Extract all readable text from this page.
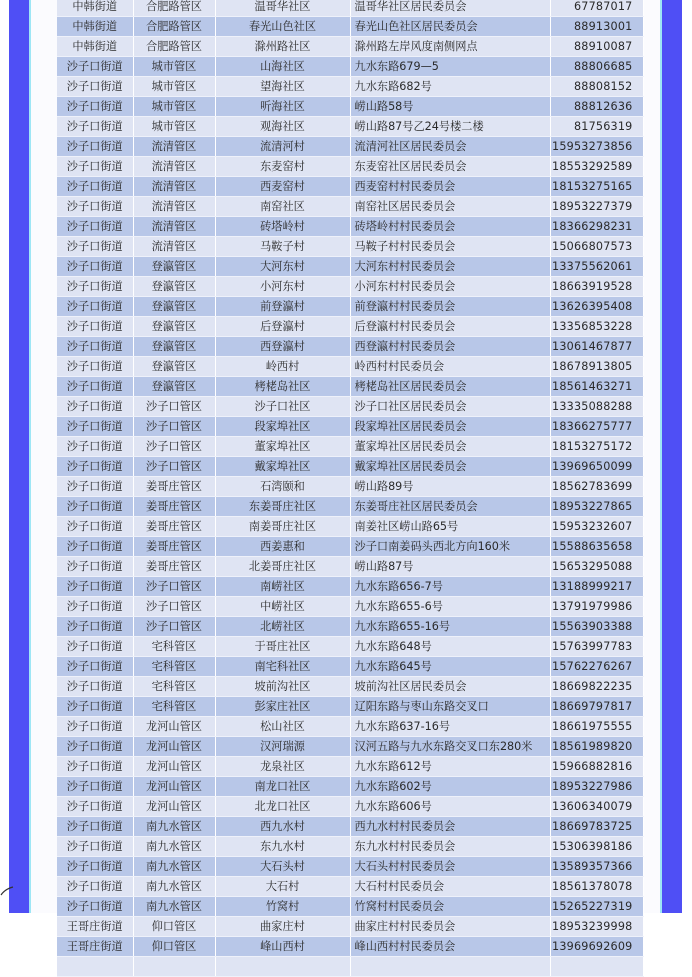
中韩街道	合肥路管区	温哥华社区	温哥华社区居民委员会	67787017
中韩街道	合肥路管区	春光山色社区	春光山色社区居民委员会	88913001
中韩街道	合肥路管区	滁州路社区	滁州路左岸风度南侧网点	88910087
沙子口街道	城市管区	山海社区	九水东路679—5	88806685
沙子口街道	城市管区	望海社区	九水东路682号	88808152
沙子口街道	城市管区	听海社区	崂山路58号	88812636
沙子口街道	城市管区	观海社区	崂山路87号乙24号楼二楼	81756319
沙子口街道	流清管区	流清河村	流清河社区居民委员会	15953273856
沙子口街道	流清管区	东麦窑村	东麦窑社区居民委员会	18553292589
沙子口街道	流清管区	西麦窑村	西麦窑村村民委员会	18153275165
沙子口街道	流清管区	南窑社区	南窑社区居民委员会	18953227379
沙子口街道	流清管区	砖塔岭村	砖塔岭村村民委员会	18366298231
沙子口街道	流清管区	马鞍子村	马鞍子村村民委员会	15066807573
沙子口街道	登瀛管区	大河东村	大河东村村民委员会	13375562061
沙子口街道	登瀛管区	小河东村	小河东村村民委员会	18663919528
沙子口街道	登瀛管区	前登瀛村	前登瀛村村民委员会	13626395408
沙子口街道	登瀛管区	后登瀛村	后登瀛村村民委员会	13356853228
沙子口街道	登瀛管区	西登瀛村	西登瀛村村民委员会	13061467877
沙子口街道	登瀛管区	岭西村	岭西村村民委员会	18678913805
沙子口街道	登瀛管区	栲栳岛社区	栲栳岛社区居民委员会	18561463271
沙子口街道	沙子口管区	沙子口社区	沙子口社区居民委员会	13335088288
沙子口街道	沙子口管区	段家埠社区	段家埠社区居民委员会	18366275777
沙子口街道	沙子口管区	董家埠社区	董家埠社区居民委员会	18153275172
沙子口街道	沙子口管区	戴家埠社区	戴家埠社区居民委员会	13969650099
沙子口街道	姜哥庄管区	石湾颐和	崂山路89号	18562783699
沙子口街道	姜哥庄管区	东姜哥庄社区	东姜哥庄社区居民委员会	18953227865
沙子口街道	姜哥庄管区	南姜哥庄社区	南姜社区崂山路65号	15953232607
沙子口街道	姜哥庄管区	西姜惠和	沙子口南姜码头西北方向160米	15588635658
沙子口街道	姜哥庄管区	北姜哥庄社区	崂山路87号	15653295088
沙子口街道	沙子口管区	南崂社区	九水东路656-7号	13188999217
沙子口街道	沙子口管区	中崂社区	九水东路655-6号	13791979986
沙子口街道	沙子口管区	北崂社区	九水东路655-16号	15563903388
沙子口街道	宅科管区	于哥庄社区	九水东路648号	15763997783
沙子口街道	宅科管区	南宅科社区	九水东路645号	15762276267
沙子口街道	宅科管区	坡前沟社区	坡前沟社区居民委员会	18669822235
沙子口街道	宅科管区	彭家庄社区	辽阳东路与枣山东路交叉口	18669797817
沙子口街道	龙河山管区	松山社区	九水东路637-16号	18661975555
沙子口街道	龙河山管区	汉河瑞源	汉河五路与九水东路交叉口东280米	18561989820
沙子口街道	龙河山管区	龙泉社区	九水东路612号	15966882816
沙子口街道	龙河山管区	南龙口社区	九水东路602号	18953227986
沙子口街道	龙河山管区	北龙口社区	九水东路606号	13606340079
沙子口街道	南九水管区	西九水村	西九水村村民委员会	18669783725
沙子口街道	南九水管区	东九水村	东九水村村民委员会	15306398186
沙子口街道	南九水管区	大石头村	大石头村村民委员会	13589357366
沙子口街道	南九水管区	大石村	大石村村民委员会	18561378078
沙子口街道	南九水管区	竹窝村	竹窝村村民委员会	15265227319
王哥庄街道	仰口管区	曲家庄村	曲家庄村村民委员会	18953239998
王哥庄街道	仰口管区	峰山西村	峰山西村村民委员会	13969692609
